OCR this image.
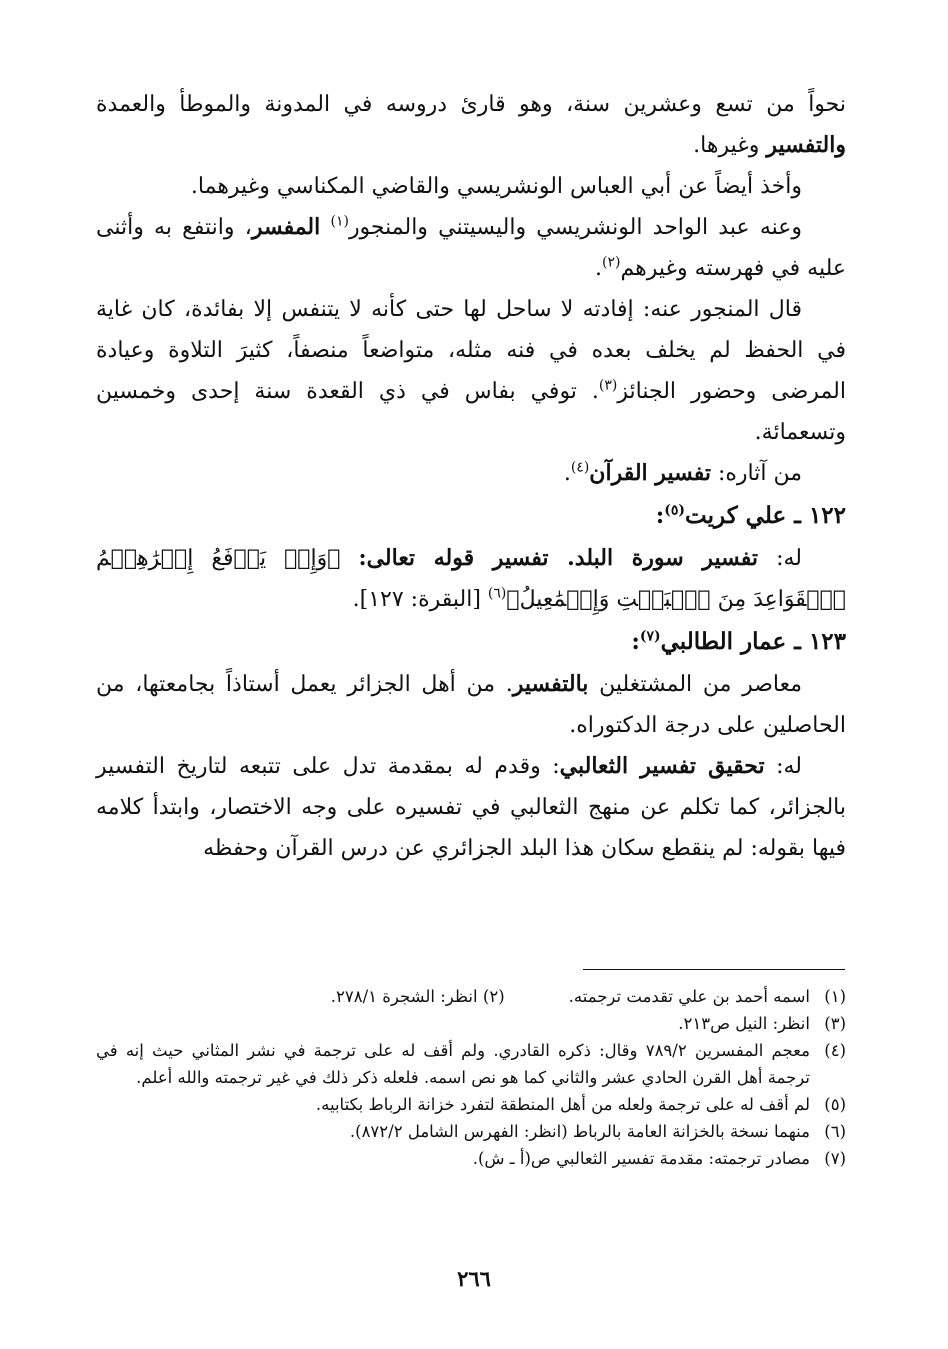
نحواً من تسع وعشرين سنة، وهو قارئ دروسه في المدونة والموطأ والعمدة والتفسير وغيرها.

وأخذ أيضاً عن أبي العباس الونشريسي والقاضي المكناسي وغيرهما.

وعنه عبد الواحد الونشريسي واليسيتني والمنجور$^{(١)}$ المفسر، وانتفع به وأثنى عليه في فهرسته وغيرهم$^{(٢)}$.

قال المنجور عنه: إفادته لا ساحل لها حتى كأنه لا يتنفس إلا بفائدة، كان غاية في الحفظ لم يخلف بعده في فنه مثله، متواضعاً منصفاً، كثيرَ التلاوة وعيادة المرضى وحضور الجنائز$^{(٣)}$. توفي بفاس في ذي القعدة سنة إحدى وخمسين وتسعمائة.

من آثاره: تفسير القرآن$^{(٤)}$.

١٢٢ ـ علي كريت$^{(٥)}$:

له: تفسير سورة البلد. تفسير قوله تعالى: ﴿وَإِذۡ يَرۡفَعُ إِبۡرَٰهِـۧمُ ٱلۡقَوَاعِدَ مِنَ ٱلۡبَيۡتِ وَإِسۡمَٰعِيلُ﴾$^{(٦)}$ [البقرة: ١٢٧].

١٢٣ ـ عمار الطالبي$^{(٧)}$:

معاصر من المشتغلين بالتفسير. من أهل الجزائر يعمل أستاذاً بجامعتها، من الحاصلين على درجة الدكتوراه.

له: تحقيق تفسير الثعالبي: وقدم له بمقدمة تدل على تتبعه لتاريخ التفسير بالجزائر، كما تكلم عن منهج الثعالبي في تفسيره على وجه الاختصار، وابتدأ كلامه فيها بقوله: لم ينقطع سكان هذا البلد الجزائري عن درس القرآن وحفظه

(١)
اسمه أحمد بن علي تقدمت ترجمته.(٢) انظر: الشجرة ٢٧٨/١.
(٣)
انظر: النيل ص٢١٣.
(٤)
معجم المفسرين ٧٨٩/٢ وقال: ذكره القادري. ولم أقف له على ترجمة في نشر المثاني حيث إنه في ترجمة أهل القرن الحادي عشر والثاني كما هو نص اسمه. فلعله ذكر ذلك في غير ترجمته والله أعلم.
(٥)
لم أقف له على ترجمة ولعله من أهل المنطقة لتفرد خزانة الرباط بكتابيه.
(٦)
منهما نسخة بالخزانة العامة بالرباط (انظر: الفهرس الشامل ٨٧٢/٢).
(٧)
مصادر ترجمته: مقدمة تفسير الثعالبي ص(أ ـ ش).
٢٦٦
